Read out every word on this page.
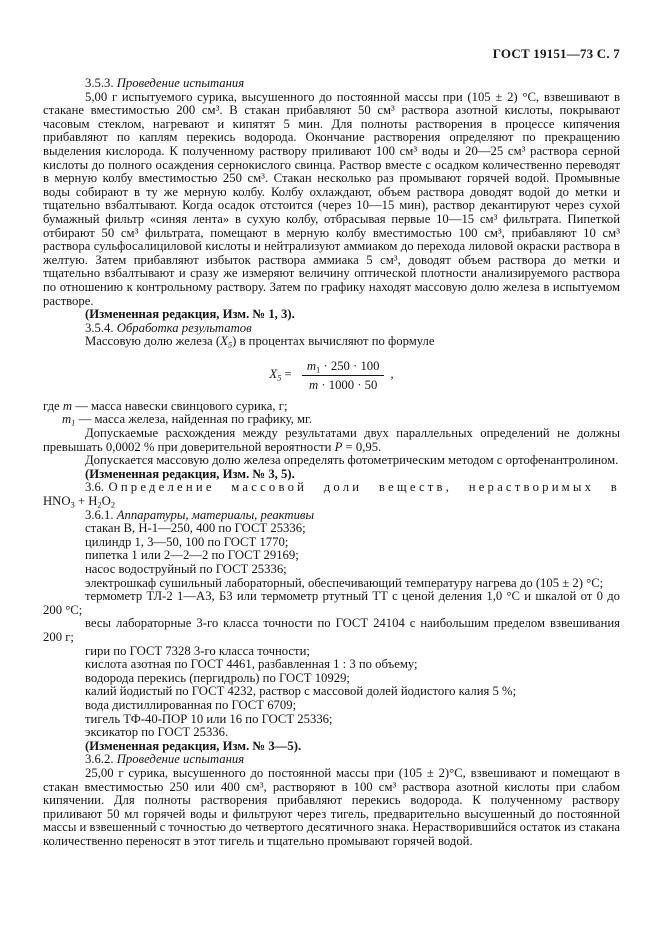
ГОСТ 19151—73 С. 7

3.5.3. Проведение испытания

5,00 г испытуемого сурика, высушенного до постоянной массы при (105 ± 2) °С, взвешивают в стакане вместимостью 200 см³. В стакан прибавляют 50 см³ раствора азотной кислоты, покрывают часовым стеклом, нагревают и кипятят 5 мин. Для полноты растворения в процессе кипячения прибавляют по каплям перекись водорода. Окончание растворения определяют по прекращению выделения кислорода. К полученному раствору приливают 100 см³ воды и 20—25 см³ раствора серной кислоты до полного осаждения сернокислого свинца. Раствор вместе с осадком количественно переводят в мерную колбу вместимостью 250 см³. Стакан несколько раз промывают горячей водой. Промывные воды собирают в ту же мерную колбу. Колбу охлаждают, объем раствора доводят водой до метки и тщательно взбалтывают. Когда осадок отстоится (через 10—15 мин), раствор декантируют через сухой бумажный фильтр «синяя лента» в сухую колбу, отбрасывая первые 10—15 см³ фильтрата. Пипеткой отбирают 50 см³ фильтрата, помещают в мерную колбу вместимостью 100 см³, прибавляют 10 см³ раствора сульфосалициловой кислоты и нейтрализуют аммиаком до перехода лиловой окраски раствора в желтую. Затем прибавляют избыток раствора аммиака 5 см³, доводят объем раствора до метки и тщательно взбалтывают и сразу же измеряют величину оптической плотности анализируемого раствора по отношению к контрольному раствору. Затем по графику находят массовую долю железа в испытуемом растворе.

(Измененная редакция, Изм. № 1, 3).

3.5.4. Обработка результатов

Массовую долю железа $(X_5)$ в процентах вычисляют по формуле

$X_5 = \frac{m_1 \cdot 250 \cdot 100}{m \cdot 1000 \cdot 50}$ ,

где m — масса навески свинцового сурика, г;

$m_1$ — масса железа, найденная по графику, мг.

Допускаемые расхождения между результатами двух параллельных определений не должны превышать 0,0002 % при доверительной вероятности Р = 0,95.

Допускается массовую долю железа определять фотометрическим методом с ортофенантролином.

(Измененная редакция, Изм. № 3, 5).

3.6. Определение массовой доли веществ, нерастворимых в $HNO_3 + H_2O_2$

3.6.1. Аппаратуры, материалы, реактивы

стакан В, Н-1—250, 400 по ГОСТ 25336;

цилиндр 1, 3—50, 100 по ГОСТ 1770;

пипетка 1 или 2—2—2 по ГОСТ 29169;

насос водоструйный по ГОСТ 25336;

электрошкаф сушильный лабораторный, обеспечивающий температуру нагрева до (105 ± 2) °С;

термометр ТЛ-2 1—А3, Б3 или термометр ртутный ТТ с ценой деления 1,0 °С и шкалой от 0 до 200 °С;

весы лабораторные 3-го класса точности по ГОСТ 24104 с наибольшим пределом взвешивания 200 г;

гири по ГОСТ 7328 3-го класса точности;

кислота азотная по ГОСТ 4461, разбавленная 1 : 3 по объему;

водорода перекись (пергидроль) по ГОСТ 10929;

калий йодистый по ГОСТ 4232, раствор с массовой долей йодистого калия 5 %;

вода дистиллированная по ГОСТ 6709;

тигель ТФ-40-ПОР 10 или 16 по ГОСТ 25336;

эксикатор по ГОСТ 25336.

(Измененная редакция, Изм. № 3—5).

3.6.2. Проведение испытания

25,00 г сурика, высушенного до постоянной массы при (105 ± 2)°С, взвешивают и помещают в стакан вместимостью 250 или 400 см³, растворяют в 100 см³ раствора азотной кислоты при слабом кипячении. Для полноты растворения прибавляют перекись водорода. К полученному раствору приливают 50 мл горячей воды и фильтруют через тигель, предварительно высушенный до постоянной массы и взвешенный с точностью до четвертого десятичного знака. Нерастворившийся остаток из стакана количественно переносят в этот тигель и тщательно промывают горячей водой.
